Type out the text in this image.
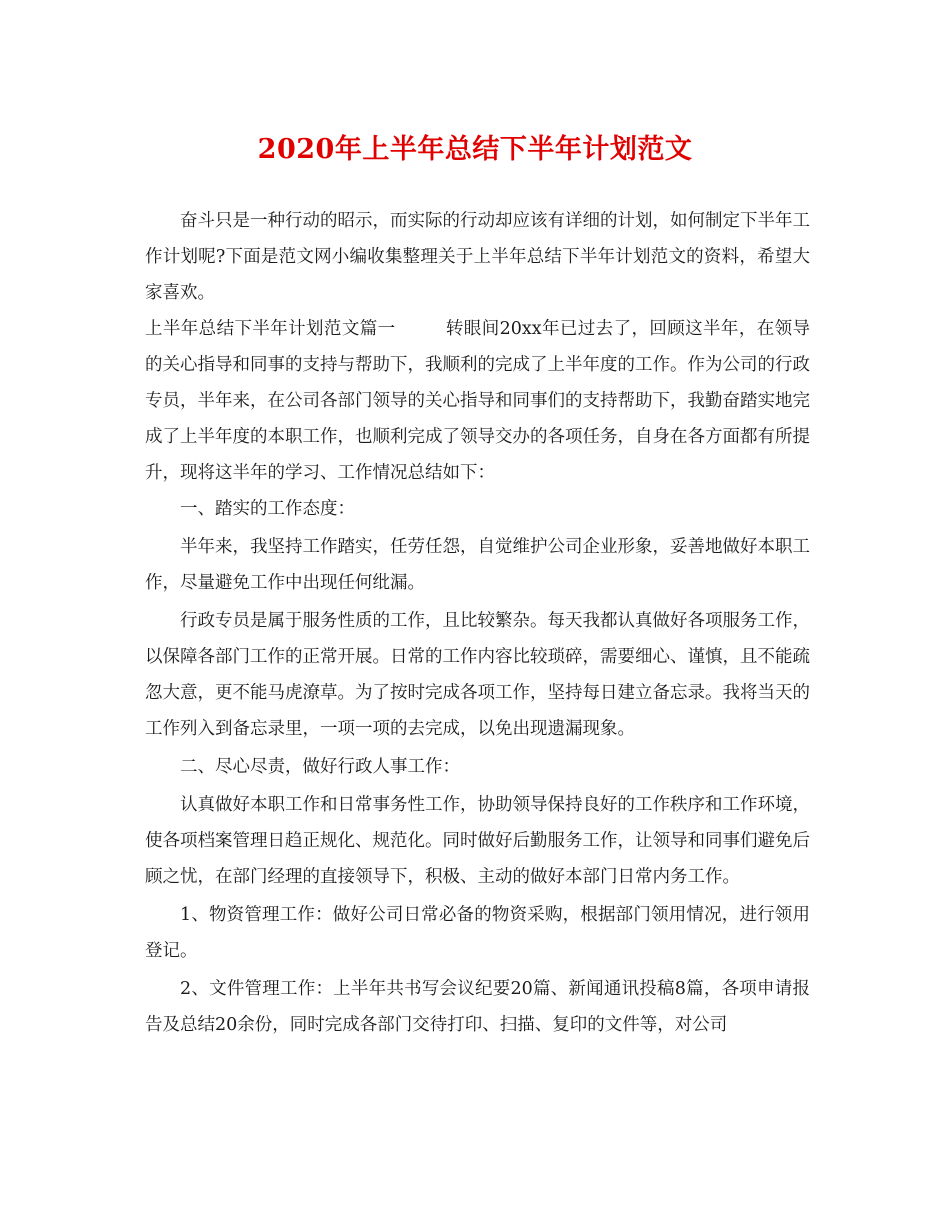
2020年上半年总结下半年计划范文

奋斗只是一种行动的昭示，而实际的行动却应该有详细的计划，如何制定下半年工作计划呢?下面是范文网小编收集整理关于上半年总结下半年计划范文的资料，希望大家喜欢。

上半年总结下半年计划范文篇一	转眼间20xx年已过去了，回顾这半年，在领导的关心指导和同事的支持与帮助下，我顺利的完成了上半年度的工作。作为公司的行政专员，半年来，在公司各部门领导的关心指导和同事们的支持帮助下，我勤奋踏实地完成了上半年度的本职工作，也顺利完成了领导交办的各项任务，自身在各方面都有所提升，现将这半年的学习、工作情况总结如下：

一、踏实的工作态度：

半年来，我坚持工作踏实，任劳任怨，自觉维护公司企业形象，妥善地做好本职工作，尽量避免工作中出现任何纰漏。

行政专员是属于服务性质的工作，且比较繁杂。每天我都认真做好各项服务工作，以保障各部门工作的正常开展。日常的工作内容比较琐碎，需要细心、谨慎，且不能疏忽大意，更不能马虎潦草。为了按时完成各项工作，坚持每日建立备忘录。我将当天的工作列入到备忘录里，一项一项的去完成，以免出现遗漏现象。

二、尽心尽责，做好行政人事工作：

认真做好本职工作和日常事务性工作，协助领导保持良好的工作秩序和工作环境，使各项档案管理日趋正规化、规范化。同时做好后勤服务工作，让领导和同事们避免后顾之忧，在部门经理的直接领导下，积极、主动的做好本部门日常内务工作。

1、物资管理工作：做好公司日常必备的物资采购，根据部门领用情况，进行领用登记。

2、文件管理工作：上半年共书写会议纪要20篇、新闻通讯投稿8篇，各项申请报告及总结20余份，同时完成各部门交待打印、扫描、复印的文件等，对公司
